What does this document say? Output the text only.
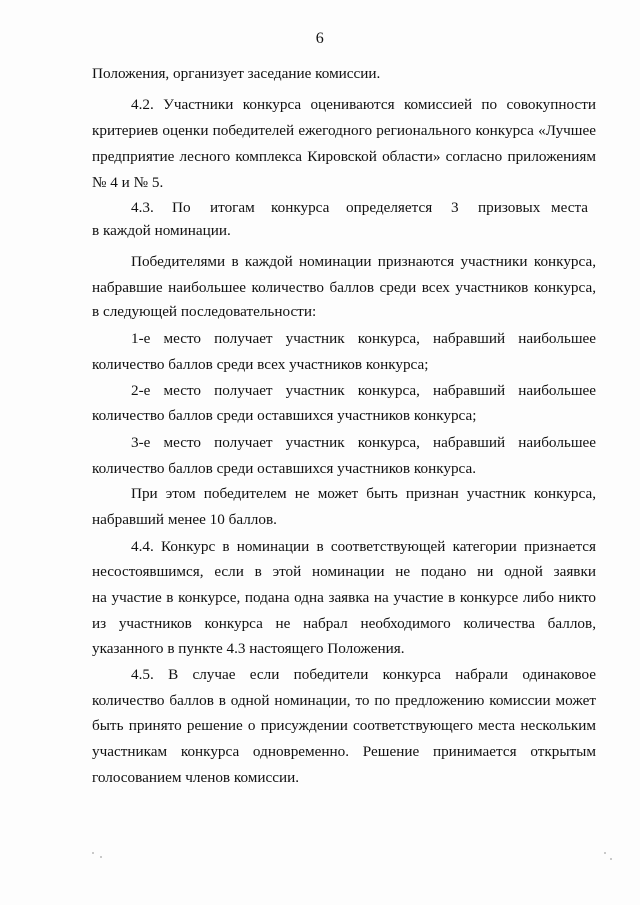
6
Положения, организует заседание комиссии.
4.2. Участники конкурса оцениваются комиссией по совокупности
критериев оценки победителей ежегодного регионального конкурса «Лучшее
предприятие лесного комплекса Кировской области» согласно приложениям
№ 4 и № 5.
4.3. По итогам конкурса определяется 3 призовых места
в каждой номинации.
Победителями в каждой номинации признаются участники конкурса,
набравшие наибольшее количество баллов среди всех участников конкурса,
в следующей последовательности:
1-е место получает участник конкурса, набравший наибольшее
количество баллов среди всех участников конкурса;
2-е место получает участник конкурса, набравший наибольшее
количество баллов среди оставшихся участников конкурса;
3-е место получает участник конкурса, набравший наибольшее
количество баллов среди оставшихся участников конкурса.
При этом победителем не может быть признан участник конкурса,
набравший менее 10 баллов.
4.4. Конкурс в номинации в соответствующей категории признается
несостоявшимся, если в этой номинации не подано ни одной заявки
на участие в конкурсе, подана одна заявка на участие в конкурсе либо никто
из участников конкурса не набрал необходимого количества баллов,
указанного в пункте 4.3 настоящего Положения.
4.5. В случае если победители конкурса набрали одинаковое
количество баллов в одной номинации, то по предложению комиссии может
быть принято решение о присуждении соответствующего места нескольким
участникам конкурса одновременно. Решение принимается открытым
голосованием членов комиссии.
